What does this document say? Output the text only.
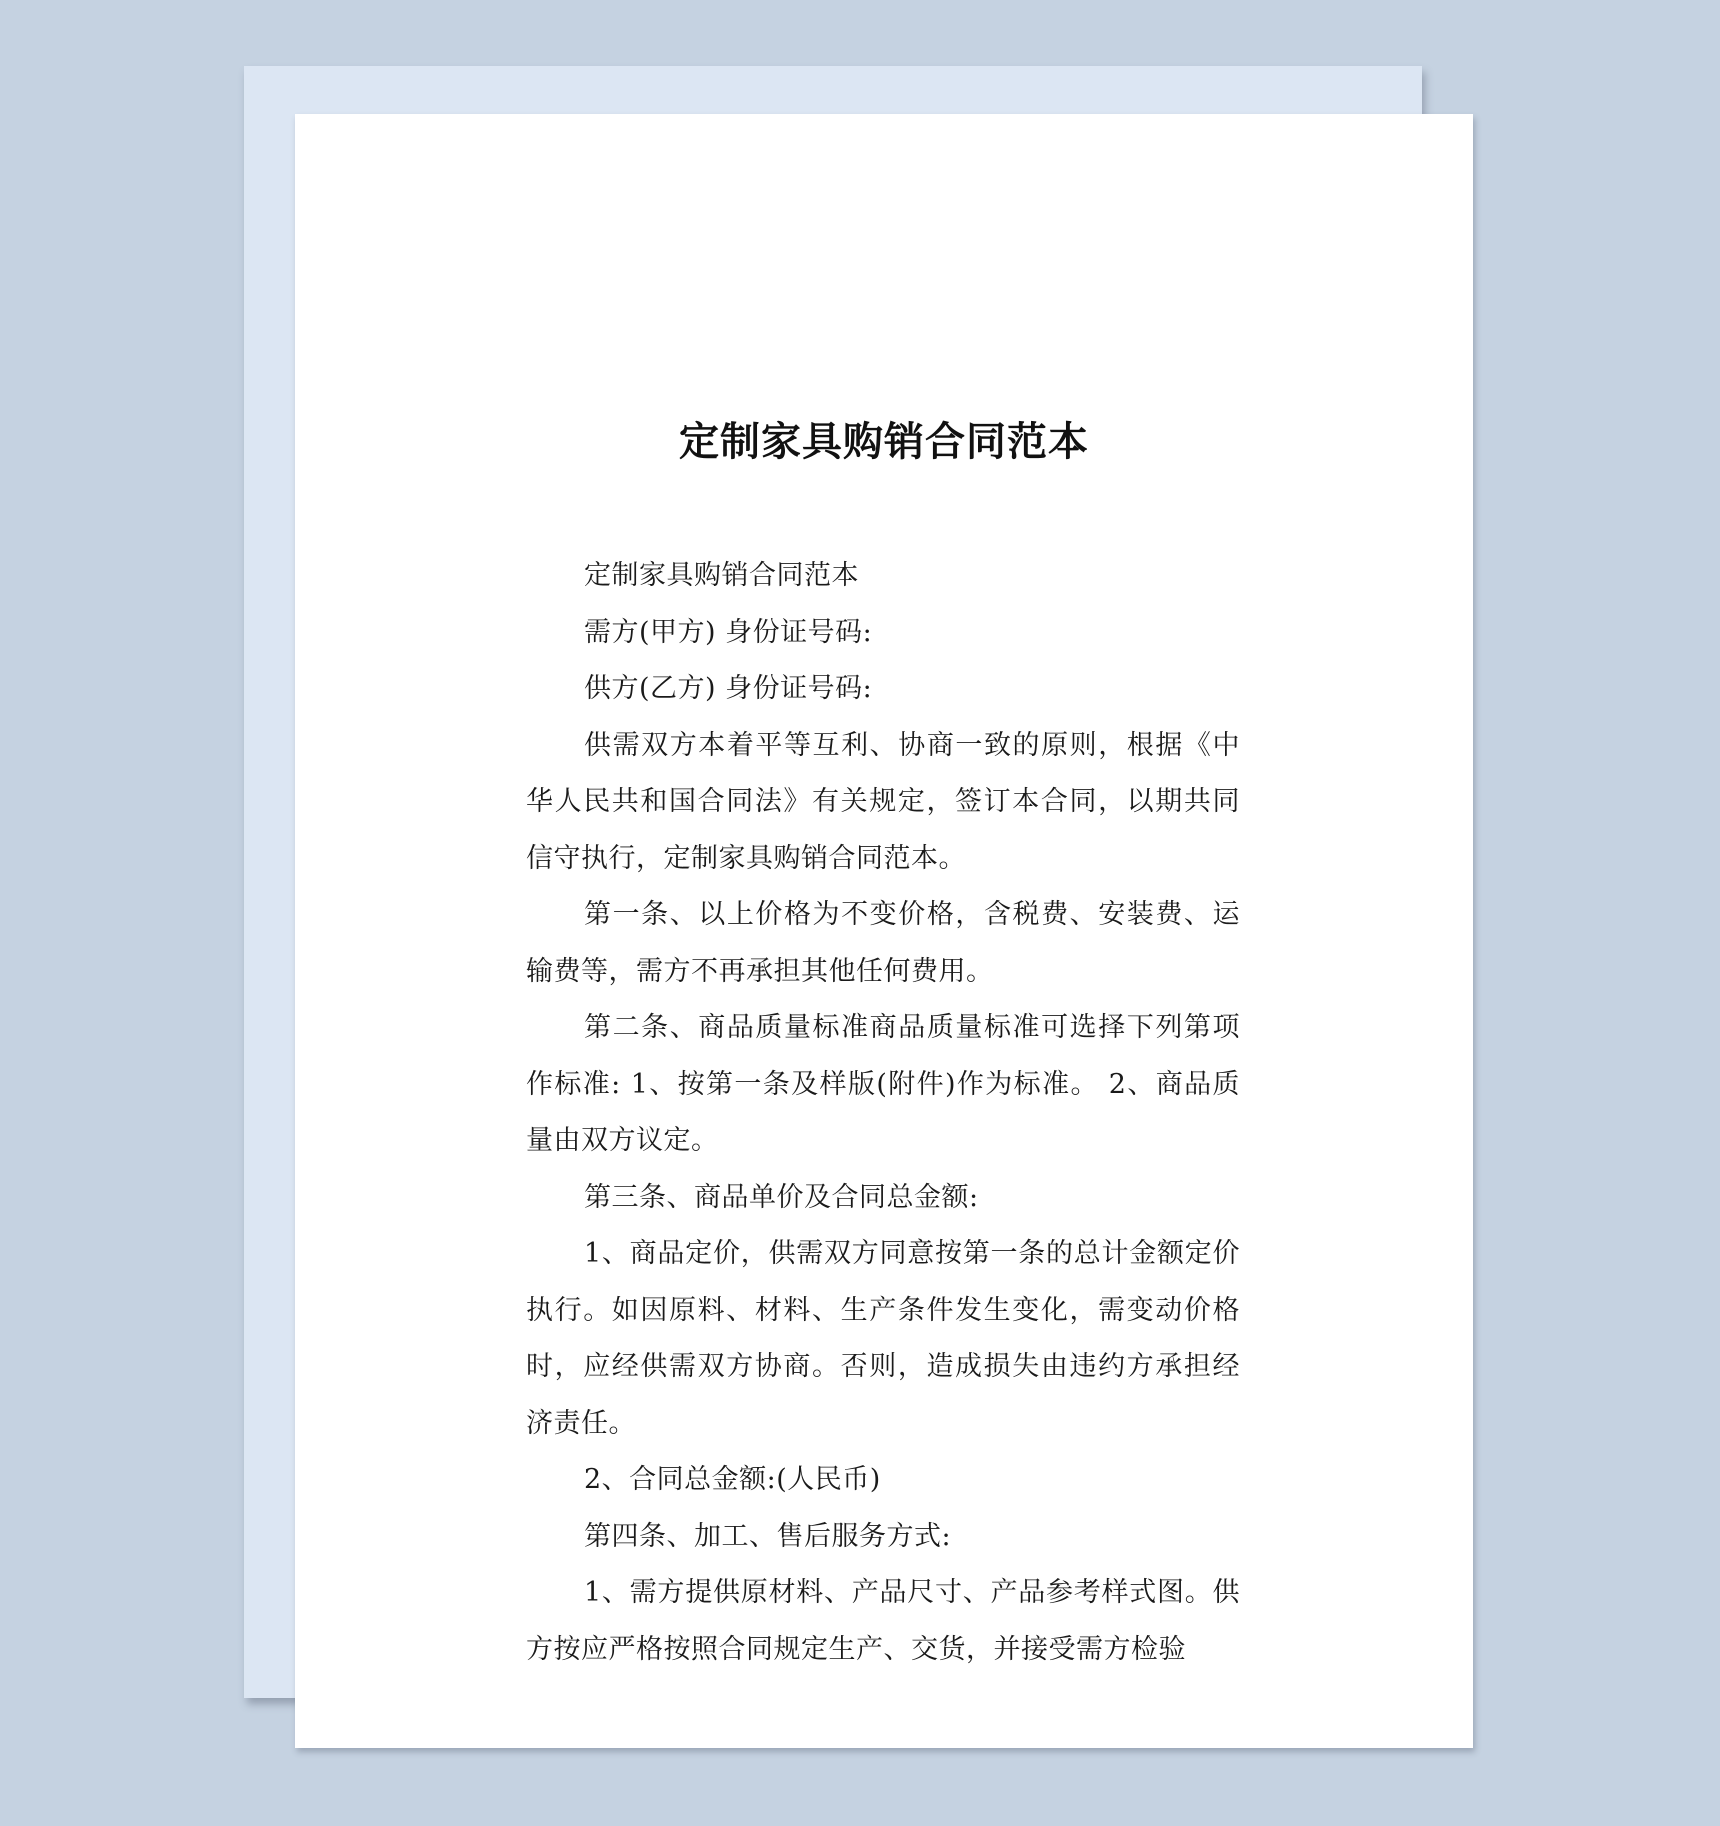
定制家具购销合同范本

定制家具购销合同范本

需方(甲方) 身份证号码:

供方(乙方) 身份证号码:

供需双方本着平等互利、协商一致的原则，根据《中华人民共和国合同法》有关规定，签订本合同，以期共同信守执行，定制家具购销合同范本。

第一条、以上价格为不变价格，含税费、安装费、运输费等，需方不再承担其他任何费用。

第二条、商品质量标准商品质量标准可选择下列第项作标准: 1、按第一条及样版(附件)作为标准。 2、商品质量由双方议定。

第三条、商品单价及合同总金额:

1、商品定价，供需双方同意按第一条的总计金额定价执行。如因原料、材料、生产条件发生变化，需变动价格时，应经供需双方协商。否则，造成损失由违约方承担经济责任。

2、合同总金额:(人民币)

第四条、加工、售后服务方式:

1、需方提供原材料、产品尺寸、产品参考样式图。供方按应严格按照合同规定生产、交货，并接受需方检验
